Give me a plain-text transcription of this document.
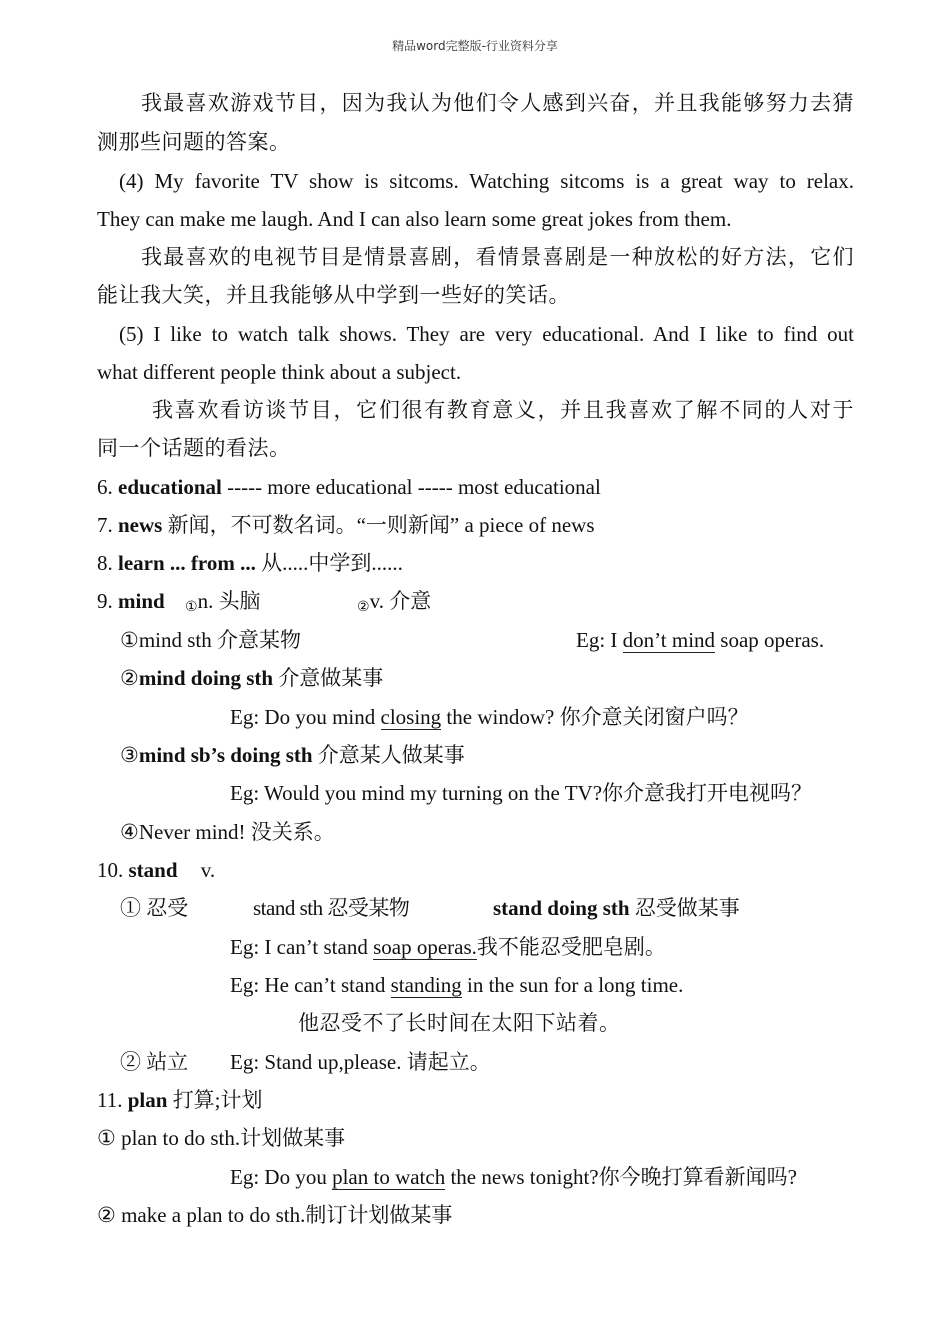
精品word完整版-行业资料分享
我最喜欢游戏节目，因为我认为他们令人感到兴奋，并且我能够努力去猜
测那些问题的答案。
(4) My favorite TV show is sitcoms. Watching sitcoms is a great way to relax.
They can make me laugh. And I can also learn some great jokes from them.
我最喜欢的电视节目是情景喜剧，看情景喜剧是一种放松的好方法，它们
能让我大笑，并且我能够从中学到一些好的笑话。
(5) I like to watch talk shows. They are very educational. And I like to find out
what different people think about a subject.
我喜欢看访谈节目，它们很有教育意义，并且我喜欢了解不同的人对于
同一个话题的看法。
6. educational ----- more educational ----- most educational
7. news 新闻，不可数名词。“一则新闻” a piece of news
8. learn ... from ... 从.....中学到......
9. mind ①n. 头脑	②v. 介意
①mind sth 介意某物	Eg: I don’t mind soap operas.
②mind doing sth 介意做某事
Eg: Do you mind closing the window? 你介意关闭窗户吗？
③mind sb’s doing sth 介意某人做某事
Eg: Would you mind my turning on the TV?你介意我打开电视吗？
④Never mind! 没关系。
10. stand v.
① 忍受	stand sth 忍受某物	stand doing sth 忍受做某事
Eg: I can’t stand soap operas.我不能忍受肥皂剧。
Eg: He can’t stand standing in the sun for a long time.
他忍受不了长时间在太阳下站着。
② 站立 Eg: Stand up,please. 请起立。
11. plan 打算;计划
① plan to do sth.计划做某事
Eg: Do you plan to watch the news tonight?你今晚打算看新闻吗?
② make a plan to do sth.制订计划做某事
